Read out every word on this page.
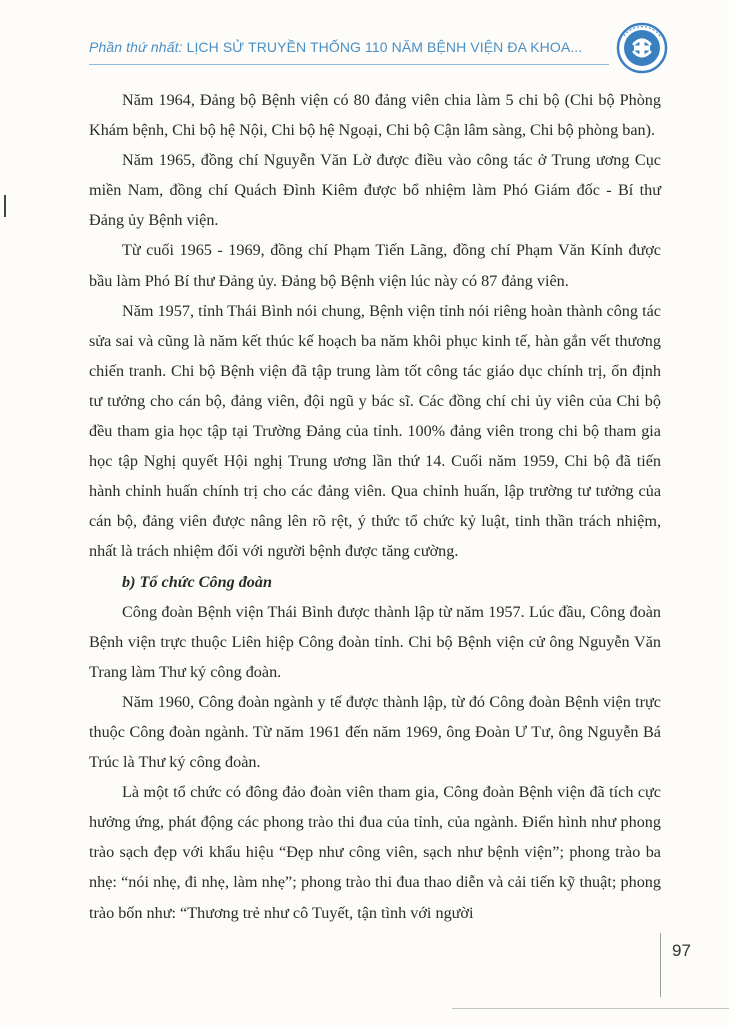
Phần thứ nhất: LỊCH SỬ TRUYỀN THỐNG 110 NĂM BỆNH VIỆN ĐA KHOA...

Năm 1964, Đảng bộ Bệnh viện có 80 đảng viên chia làm 5 chi bộ (Chi bộ Phòng Khám bệnh, Chi bộ hệ Nội, Chi bộ hệ Ngoại, Chi bộ Cận lâm sàng, Chi bộ phòng ban).

Năm 1965, đồng chí Nguyễn Văn Lờ được điều vào công tác ở Trung ương Cục miền Nam, đồng chí Quách Đình Kiêm được bổ nhiệm làm Phó Giám đốc - Bí thư Đảng ủy Bệnh viện.

Từ cuối 1965 - 1969, đồng chí Phạm Tiến Lãng, đồng chí Phạm Văn Kính được bầu làm Phó Bí thư Đảng ủy. Đảng bộ Bệnh viện lúc này có 87 đảng viên.

Năm 1957, tỉnh Thái Bình nói chung, Bệnh viện tỉnh nói riêng hoàn thành công tác sửa sai và cũng là năm kết thúc kế hoạch ba năm khôi phục kinh tế, hàn gắn vết thương chiến tranh. Chi bộ Bệnh viện đã tập trung làm tốt công tác giáo dục chính trị, ổn định tư tưởng cho cán bộ, đảng viên, đội ngũ y bác sĩ. Các đồng chí chi ủy viên của Chi bộ đều tham gia học tập tại Trường Đảng của tỉnh. 100% đảng viên trong chi bộ tham gia học tập Nghị quyết Hội nghị Trung ương lần thứ 14. Cuối năm 1959, Chi bộ đã tiến hành chỉnh huấn chính trị cho các đảng viên. Qua chỉnh huấn, lập trường tư tưởng của cán bộ, đảng viên được nâng lên rõ rệt, ý thức tổ chức kỷ luật, tinh thần trách nhiệm, nhất là trách nhiệm đối với người bệnh được tăng cường.

b) Tổ chức Công đoàn

Công đoàn Bệnh viện Thái Bình được thành lập từ năm 1957. Lúc đầu, Công đoàn Bệnh viện trực thuộc Liên hiệp Công đoàn tỉnh. Chi bộ Bệnh viện cử ông Nguyễn Văn Trang làm Thư ký công đoàn.

Năm 1960, Công đoàn ngành y tế được thành lập, từ đó Công đoàn Bệnh viện trực thuộc Công đoàn ngành. Từ năm 1961 đến năm 1969, ông Đoàn Ư Tư, ông Nguyễn Bá Trúc là Thư ký công đoàn.

Là một tổ chức có đông đảo đoàn viên tham gia, Công đoàn Bệnh viện đã tích cực hưởng ứng, phát động các phong trào thi đua của tỉnh, của ngành. Điển hình như phong trào sạch đẹp với khẩu hiệu “Đẹp như công viên, sạch như bệnh viện”; phong trào ba nhẹ: “nói nhẹ, đi nhẹ, làm nhẹ”; phong trào thi đua thao diễn và cải tiến kỹ thuật; phong trào bốn như: “Thương trẻ như cô Tuyết, tận tình với người

97
